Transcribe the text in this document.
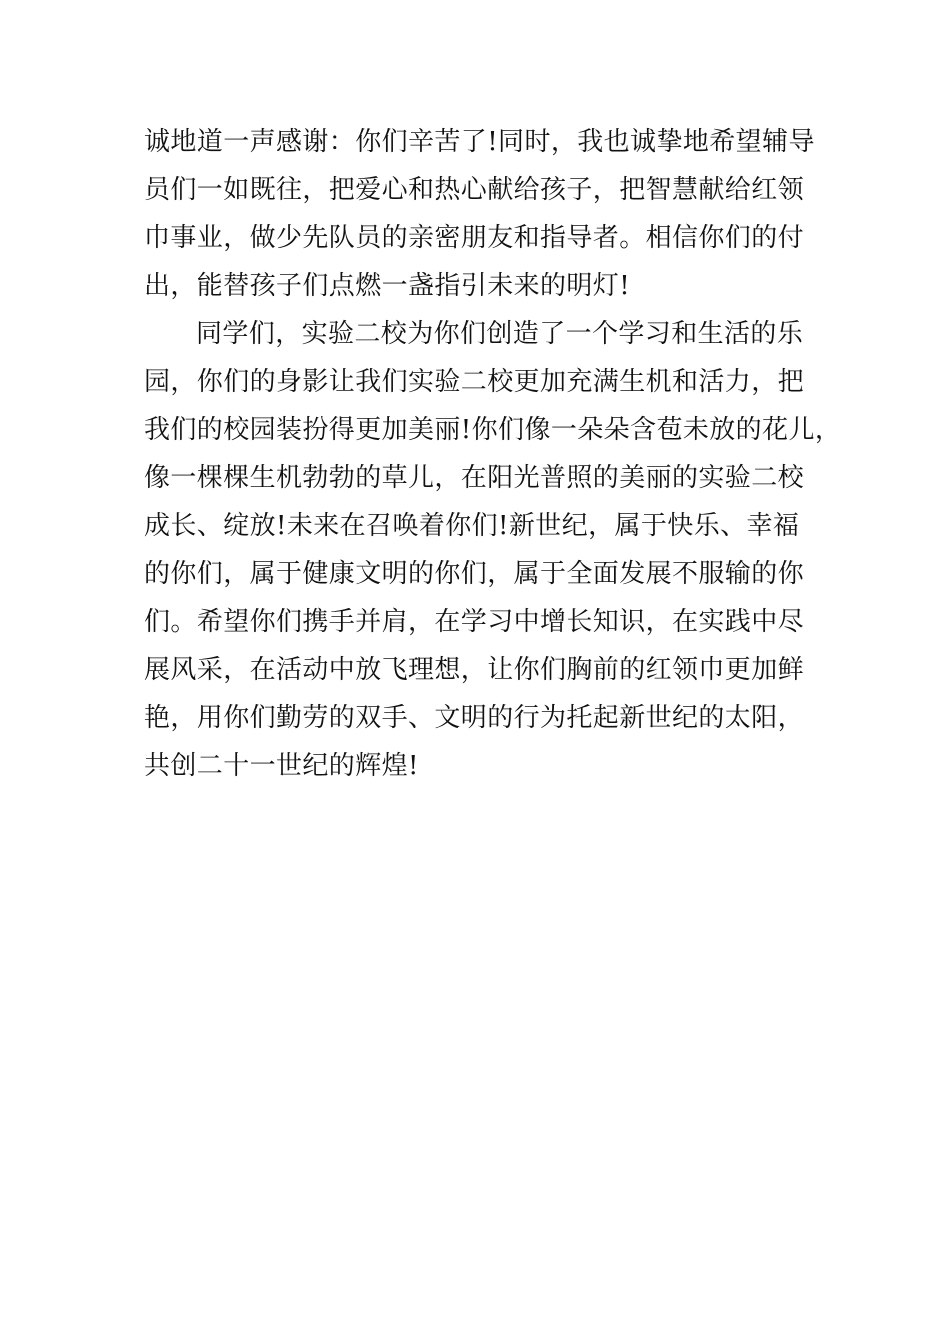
诚地道一声感谢：你们辛苦了!同时，我也诚挚地希望辅导
员们一如既往，把爱心和热心献给孩子，把智慧献给红领
巾事业，做少先队员的亲密朋友和指导者。相信你们的付
出，能替孩子们点燃一盏指引未来的明灯!
同学们，实验二校为你们创造了一个学习和生活的乐
园，你们的身影让我们实验二校更加充满生机和活力，把
我们的校园装扮得更加美丽!你们像一朵朵含苞未放的花儿，
像一棵棵生机勃勃的草儿，在阳光普照的美丽的实验二校
成长、绽放!未来在召唤着你们!新世纪，属于快乐、幸福
的你们，属于健康文明的你们，属于全面发展不服输的你
们。希望你们携手并肩，在学习中增长知识，在实践中尽
展风采，在活动中放飞理想，让你们胸前的红领巾更加鲜
艳，用你们勤劳的双手、文明的行为托起新世纪的太阳，
共创二十一世纪的辉煌!
